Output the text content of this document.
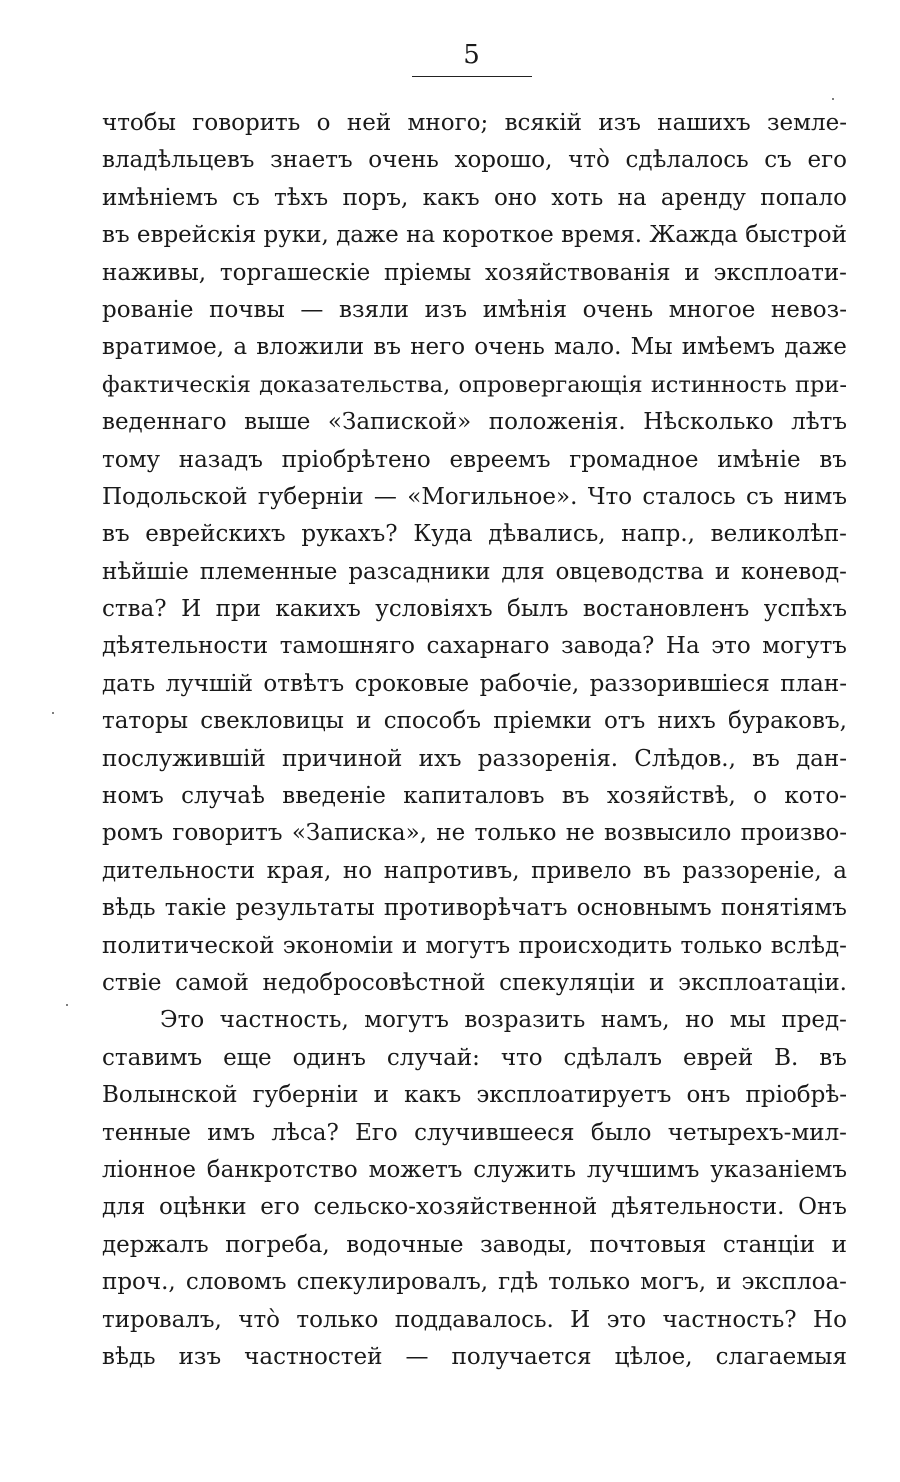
5
чтобы говорить о ней много; всякій изъ нашихъ земле-
владѣльцевъ знаетъ очень хорошо, что̀ сдѣлалось съ его
имѣніемъ съ тѣхъ поръ, какъ оно хоть на аренду попало
въ еврейскія руки, даже на короткое время. Жажда быстрой
наживы, торгашескіе пріемы хозяйствованія и эксплоати-
рованіе почвы — взяли изъ имѣнія очень многое невоз-
вратимое, а вложили въ него очень мало. Мы имѣемъ даже
фактическія доказательства, опровергающія истинность при-
веденнаго выше «Запиской» положенія. Нѣсколько лѣтъ
тому назадъ пріобрѣтено евреемъ громадное имѣніе въ
Подольской губерніи — «Могильное». Что сталось съ нимъ
въ еврейскихъ рукахъ? Куда дѣвались, напр., великолѣп-
нѣйшіе племенные разсадники для овцеводства и коневод-
ства? И при какихъ условіяхъ былъ востановленъ успѣхъ
дѣятельности тамошняго сахарнаго завода? На это могутъ
дать лучшій отвѣтъ сроковые рабочіе, раззорившіеся план-
таторы свекловицы и способъ пріемки отъ нихъ бураковъ,
послужившій причиной ихъ раззоренія. Слѣдов., въ дан-
номъ случаѣ введеніе капиталовъ въ хозяйствѣ, о кото-
ромъ говоритъ «Записка», не только не возвысило произво-
дительности края, но напротивъ, привело въ раззореніе, а
вѣдь такіе результаты противорѣчатъ основнымъ понятіямъ
политической экономіи и могутъ происходить только вслѣд-
ствіе самой недобросовѣстной спекуляціи и эксплоатаціи.
Это частность, могутъ возразить намъ, но мы пред-
ставимъ еще одинъ случай: что сдѣлалъ еврей В. въ
Волынской губерніи и какъ эксплоатируетъ онъ пріобрѣ-
тенные имъ лѣса? Его случившееся было четырехъ-мил-
ліонное банкротство можетъ служить лучшимъ указаніемъ
для оцѣнки его сельско-хозяйственной дѣятельности. Онъ
держалъ погреба, водочные заводы, почтовыя станціи и
проч., словомъ спекулировалъ, гдѣ только могъ, и эксплоа-
тировалъ, что̀ только поддавалось. И это частность? Но
вѣдь изъ частностей — получается цѣлое, слагаемыя
